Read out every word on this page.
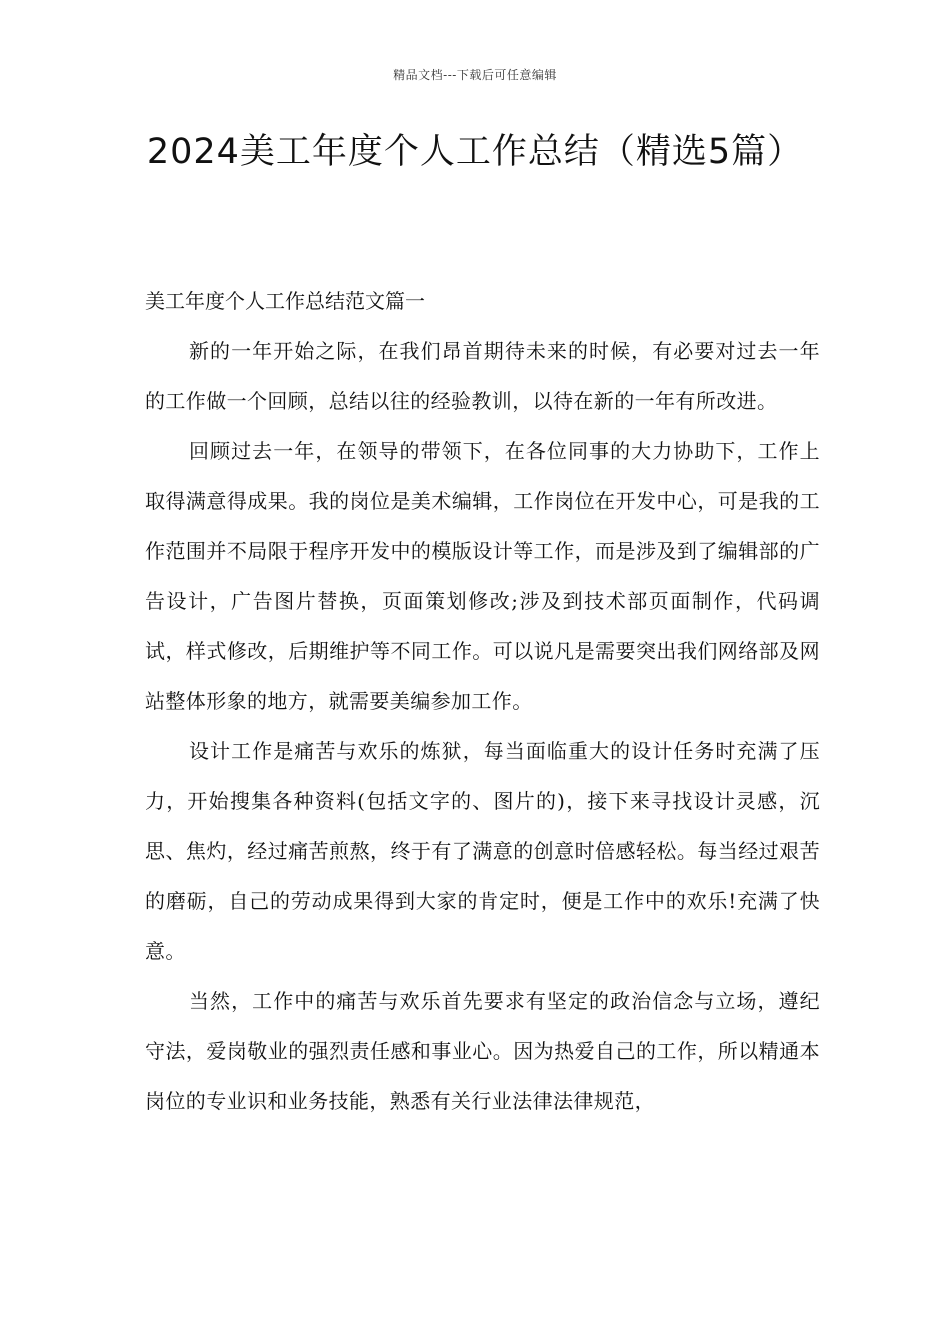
精品文档---下载后可任意编辑
2024美工年度个人工作总结（精选5篇）

美工年度个人工作总结范文篇一

新的一年开始之际，在我们昂首期待未来的时候，有必要对过去一年的工作做一个回顾，总结以往的经验教训，以待在新的一年有所改进。

回顾过去一年，在领导的带领下，在各位同事的大力协助下，工作上取得满意得成果。我的岗位是美术编辑，工作岗位在开发中心，可是我的工作范围并不局限于程序开发中的模版设计等工作，而是涉及到了编辑部的广告设计，广告图片替换，页面策划修改;涉及到技术部页面制作，代码调试，样式修改，后期维护等不同工作。可以说凡是需要突出我们网络部及网站整体形象的地方，就需要美编参加工作。

设计工作是痛苦与欢乐的炼狱，每当面临重大的设计任务时充满了压力，开始搜集各种资料(包括文字的、图片的)，接下来寻找设计灵感，沉思、焦灼，经过痛苦煎熬，终于有了满意的创意时倍感轻松。每当经过艰苦的磨砺，自己的劳动成果得到大家的肯定时，便是工作中的欢乐!充满了快意。

当然，工作中的痛苦与欢乐首先要求有坚定的政治信念与立场，遵纪守法，爱岗敬业的强烈责任感和事业心。因为热爱自己的工作，所以精通本岗位的专业识和业务技能，熟悉有关行业法律法律规范，
